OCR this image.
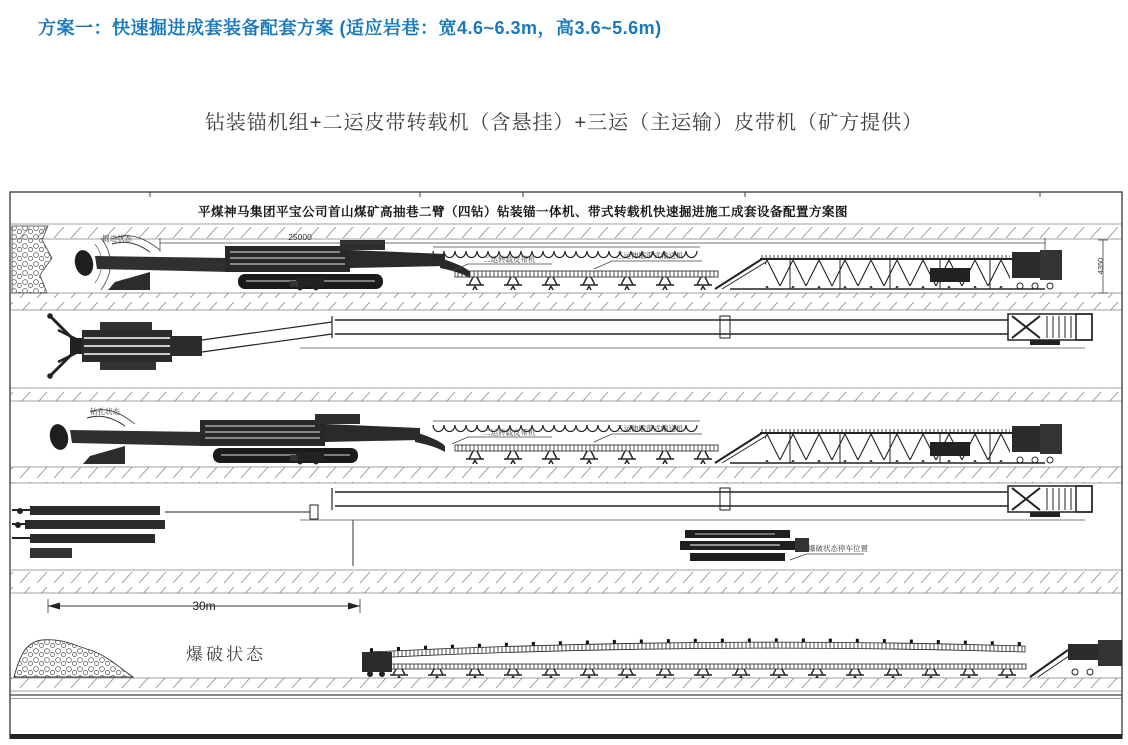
方案一：快速掘进成套装备配套方案 (适应岩巷：宽4.6~6.3m，高3.6~5.6m)
钻装锚机组+二运皮带转载机（含悬挂）+三运（主运输）皮带机（矿方提供）
平煤神马集团平宝公司首山煤矿高抽巷二臂（四钻）钻装锚一体机、带式转载机快速掘进施工成套设备配置方案图
掘进状态	25000
4350
二运转载皮带机	三运伸缩带式输送机
钻孔状态
二运转载皮带机	三运伸缩带式输送机
爆破状态停车位置
30m
爆破状态
